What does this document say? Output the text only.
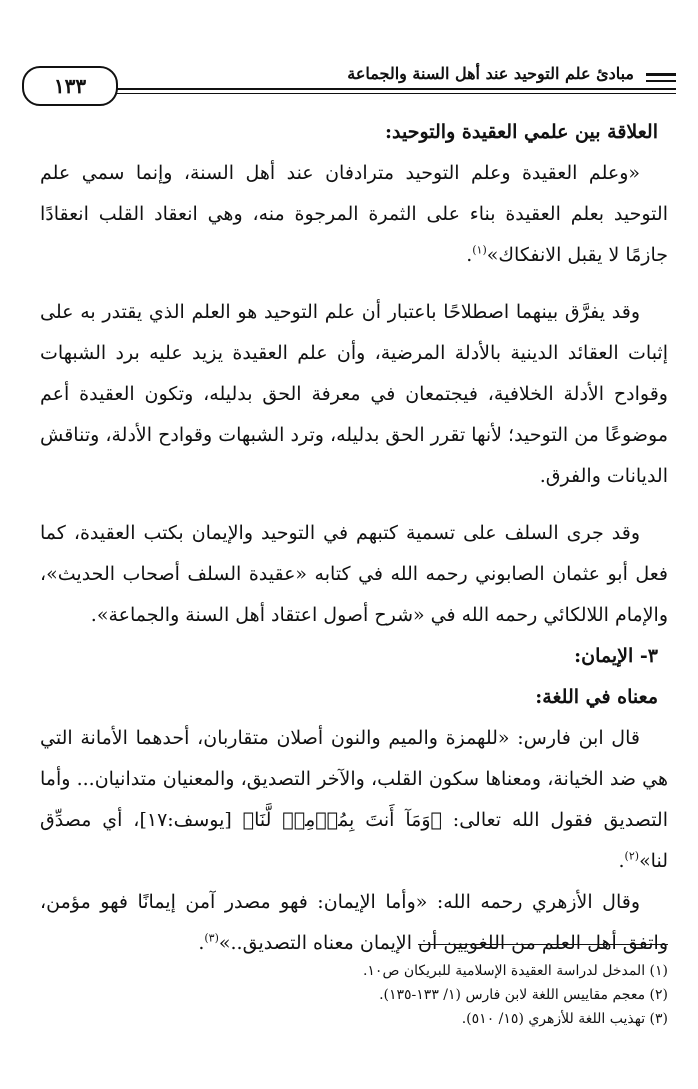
١٣٣
مبادئ علم التوحيد عند أهل السنة والجماعة

العلاقة بين علمي العقيدة والتوحيد:

«وعلم العقيدة وعلم التوحيد مترادفان عند أهل السنة، وإنما سمي علم التوحيد بعلم العقيدة بناء على الثمرة المرجوة منه، وهي انعقاد القلب انعقادًا جازمًا لا يقبل الانفكاك»$^{(١)}$.

وقد يفرَّق بينهما اصطلاحًا باعتبار أن علم التوحيد هو العلم الذي يقتدر به على إثبات العقائد الدينية بالأدلة المرضية، وأن علم العقيدة يزيد عليه برد الشبهات وقوادح الأدلة الخلافية، فيجتمعان في معرفة الحق بدليله، وتكون العقيدة أعم موضوعًا من التوحيد؛ لأنها تقرر الحق بدليله، وترد الشبهات وقوادح الأدلة، وتناقش الديانات والفرق.

وقد جرى السلف على تسمية كتبهم في التوحيد والإيمان بكتب العقيدة، كما فعل أبو عثمان الصابوني رحمه الله في كتابه «عقيدة السلف أصحاب الحديث»، والإمام اللالكائي رحمه الله في «شرح أصول اعتقاد أهل السنة والجماعة».

٣- الإيمان:

معناه في اللغة:

قال ابن فارس: «للهمزة والميم والنون أصلان متقاربان، أحدهما الأمانة التي هي ضد الخيانة، ومعناها سكون القلب، والآخر التصديق، والمعنيان متدانيان... وأما التصديق فقول الله تعالى: ﴿وَمَآ أَنتَ بِمُؤۡمِنٖ لَّنَا﴾ [يوسف:١٧]، أي مصدِّق لنا»$^{(٢)}$.

وقال الأزهري رحمه الله: «وأما الإيمان: فهو مصدر آمن إيمانًا فهو مؤمن، واتفق أهل العلم من اللغويين أن الإيمان معناه التصديق..»$^{(٣)}$.

(١) المدخل لدراسة العقيدة الإسلامية للبريكان ص١٠.

(٢) معجم مقاييس اللغة لابن فارس (١/ ١٣٣-١٣٥).

(٣) تهذيب اللغة للأزهري (١٥/ ٥١٠).
